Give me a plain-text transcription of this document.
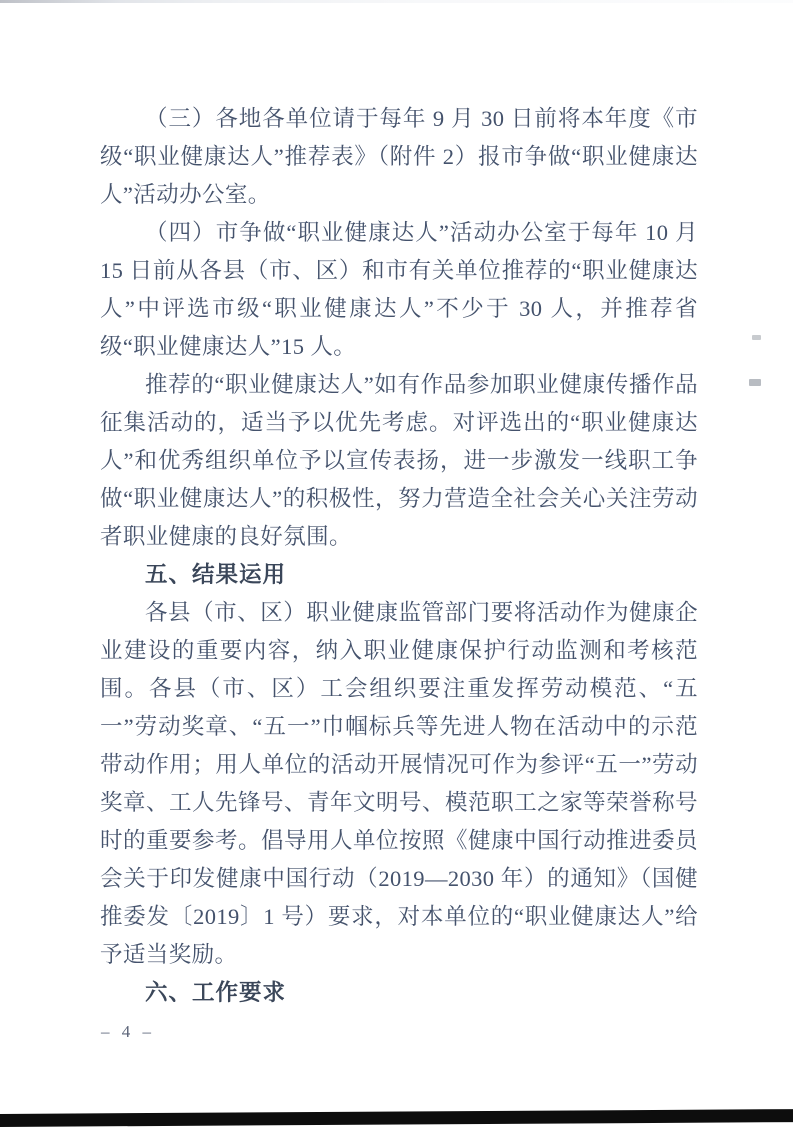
（三）各地各单位请于每年 9 月 30 日前将本年度《市级“职业健康达人”推荐表》（附件 2）报市争做“职业健康达人”活动办公室。

（四）市争做“职业健康达人”活动办公室于每年 10 月 15 日前从各县（市、区）和市有关单位推荐的“职业健康达人”中评选市级“职业健康达人”不少于 30 人，并推荐省级“职业健康达人”15 人。

推荐的“职业健康达人”如有作品参加职业健康传播作品征集活动的，适当予以优先考虑。对评选出的“职业健康达人”和优秀组织单位予以宣传表扬，进一步激发一线职工争做“职业健康达人”的积极性，努力营造全社会关心关注劳动者职业健康的良好氛围。

五、结果运用

各县（市、区）职业健康监管部门要将活动作为健康企业建设的重要内容，纳入职业健康保护行动监测和考核范围。各县（市、区）工会组织要注重发挥劳动模范、“五一”劳动奖章、“五一”巾帼标兵等先进人物在活动中的示范带动作用；用人单位的活动开展情况可作为参评“五一”劳动奖章、工人先锋号、青年文明号、模范职工之家等荣誉称号时的重要参考。倡导用人单位按照《健康中国行动推进委员会关于印发健康中国行动（2019—2030 年）的通知》（国健推委发〔2019〕1 号）要求，对本单位的“职业健康达人”给予适当奖励。

六、工作要求
– 4 –
